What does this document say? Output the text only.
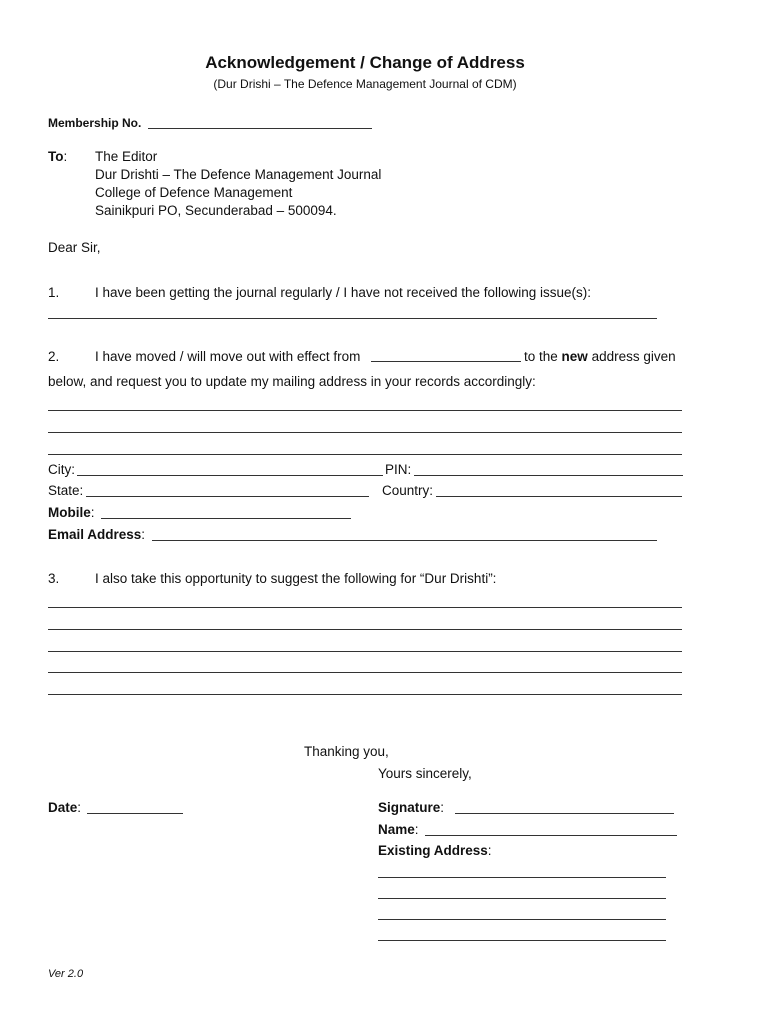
Acknowledgement / Change of Address
(Dur Drishi – The Defence Management Journal of CDM)
Membership No.
To: The Editor
Dur Drishti – The Defence Management Journal
College of Defence Management
Sainikpuri PO, Secunderabad – 500094.
Dear Sir,
1.	I have been getting the journal regularly / I have not received the following issue(s):
2.	I have moved / will move out with effect from	to the new address given
below, and request you to update my mailing address in your records accordingly:
City:	PIN:
State:	Country:
Mobile:
Email Address:
3.	I also take this opportunity to suggest the following for “Dur Drishti”:
Thanking you,
Yours sincerely,
Date:	Signature:
Name:
Existing Address:
Ver 2.0
